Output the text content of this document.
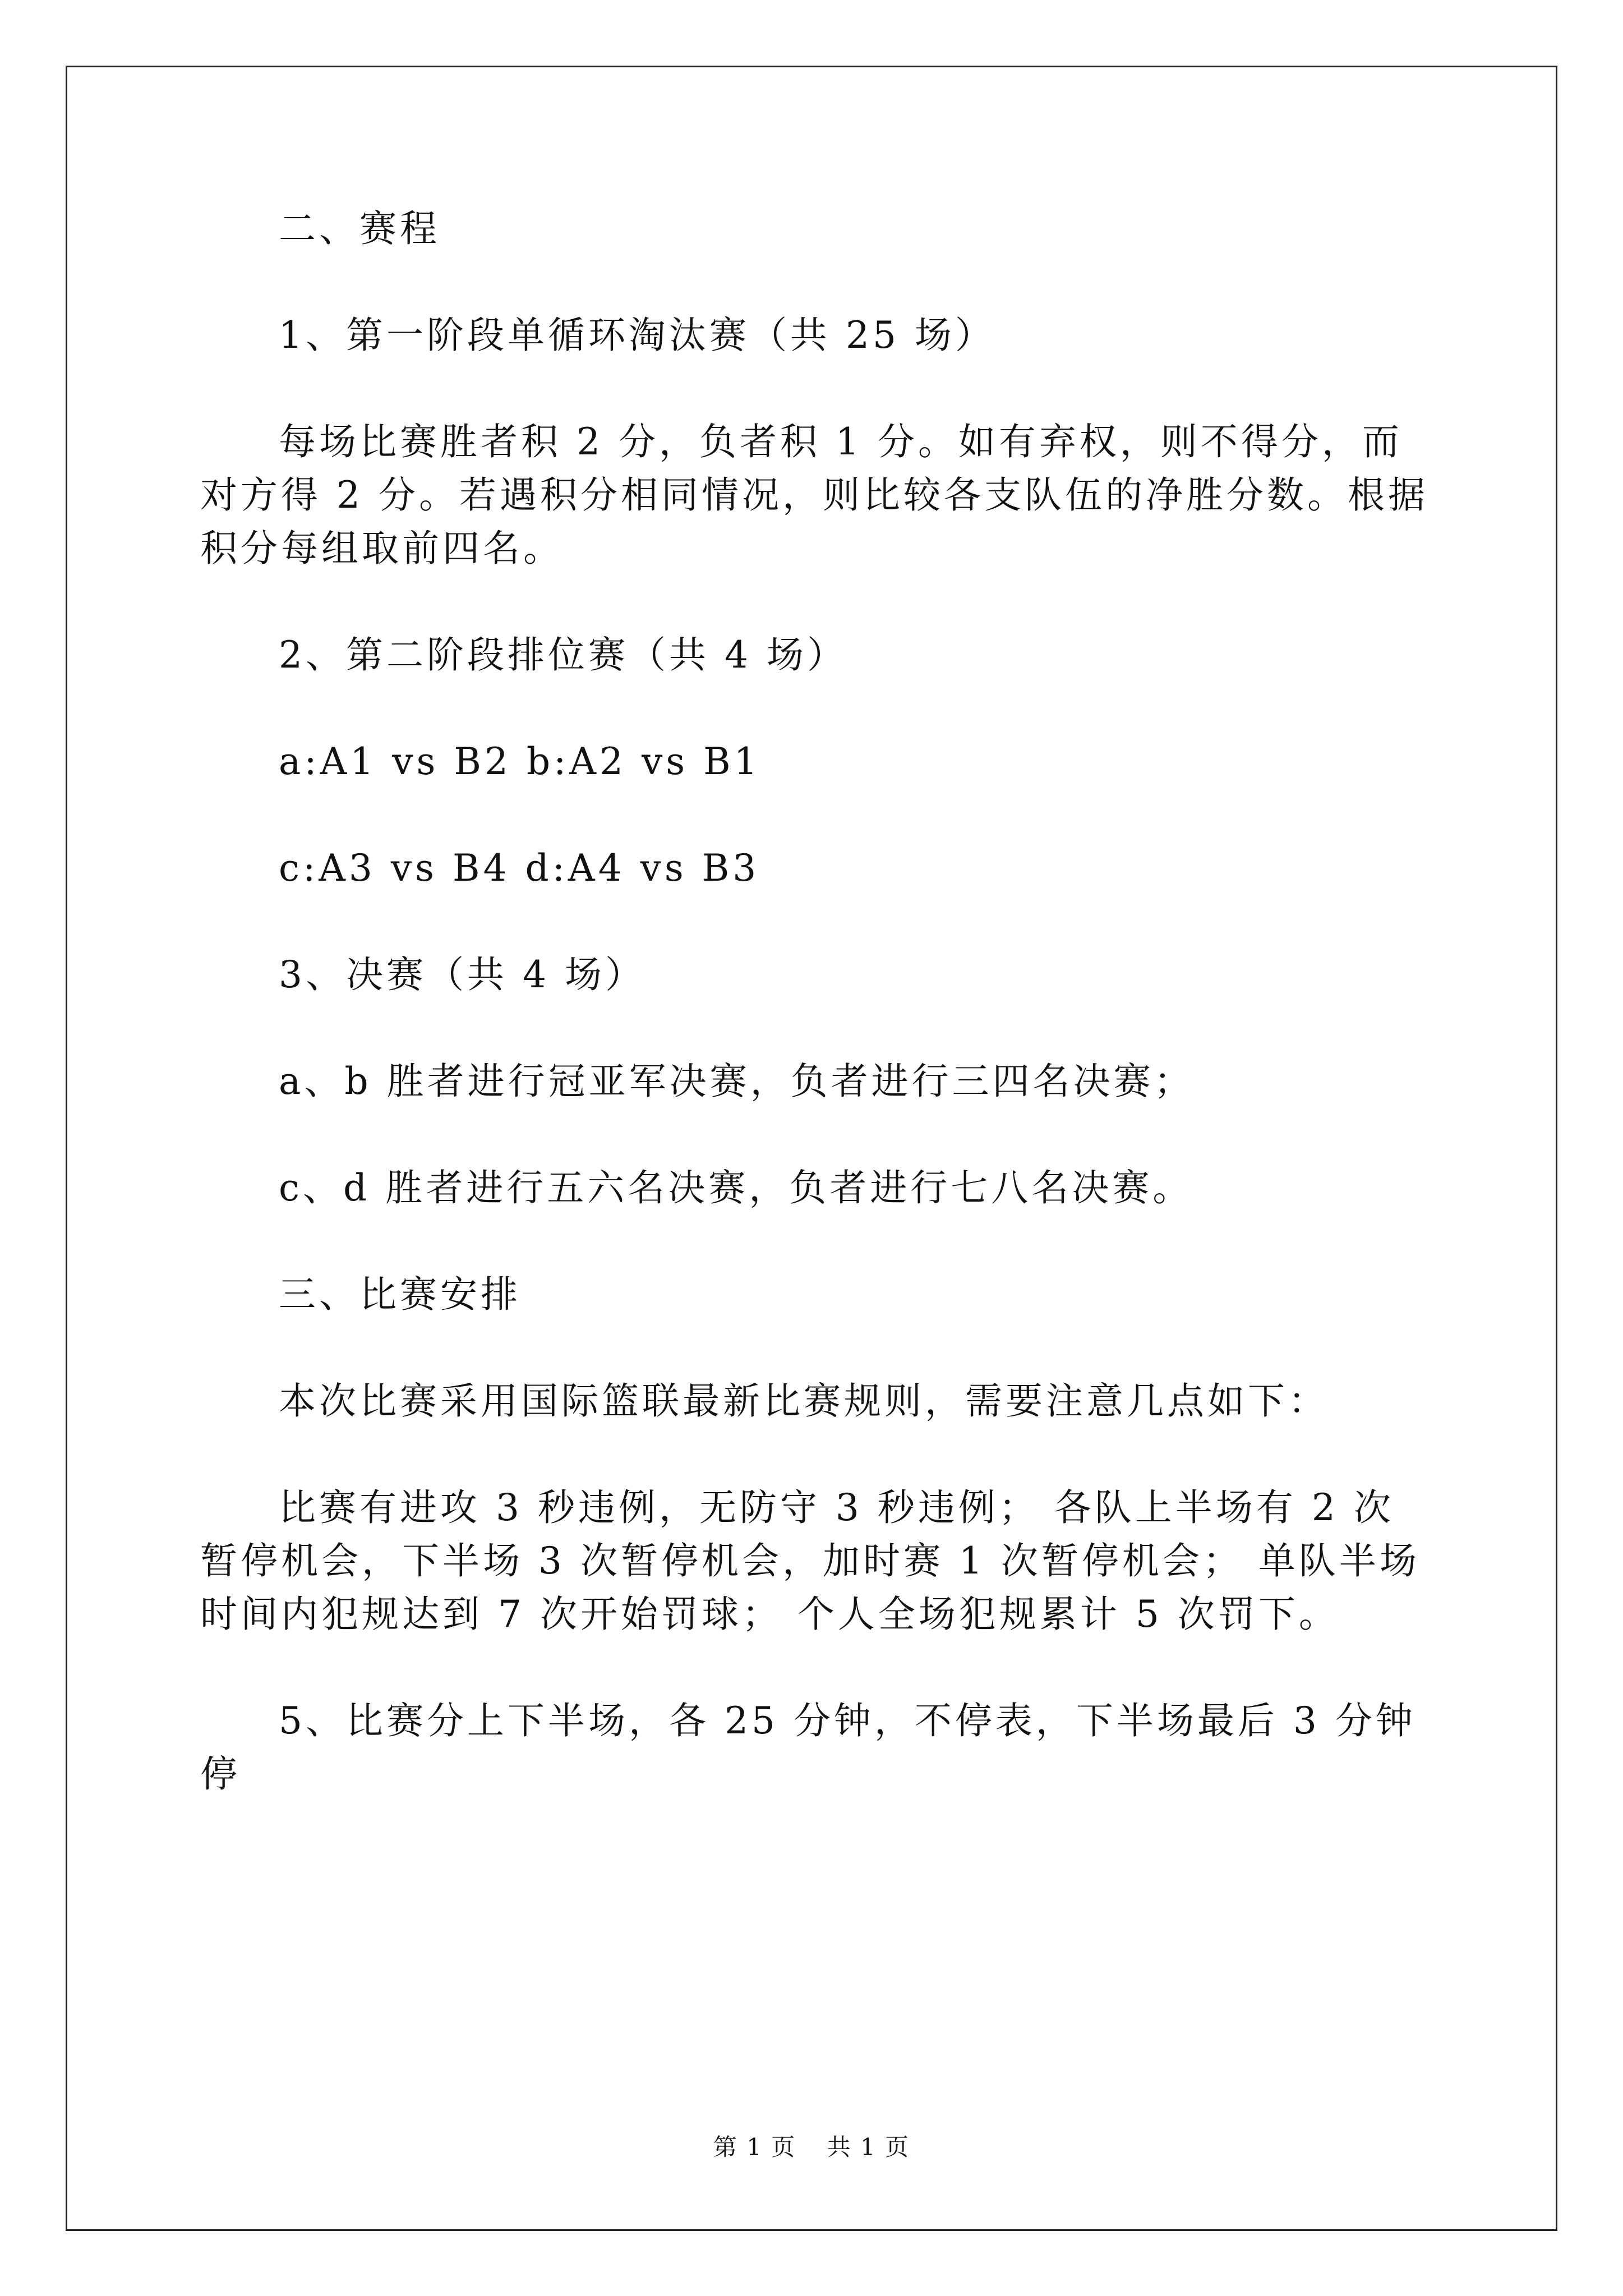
二、赛程

1、第一阶段单循环淘汰赛（共 25 场）

每场比赛胜者积 2 分，负者积 1 分。如有弃权，则不得分，而对方得 2 分。若遇积分相同情况，则比较各支队伍的净胜分数。根据积分每组取前四名。

2、第二阶段排位赛（共 4 场）

a:A1 vs B2 b:A2 vs B1

c:A3 vs B4 d:A4 vs B3

3、决赛（共 4 场）

a、b 胜者进行冠亚军决赛，负者进行三四名决赛；

c、d 胜者进行五六名决赛，负者进行七八名决赛。

三、比赛安排

本次比赛采用国际篮联最新比赛规则，需要注意几点如下：

比赛有进攻 3 秒违例，无防守 3 秒违例； 各队上半场有 2 次暂停机会，下半场 3 次暂停机会，加时赛 1 次暂停机会； 单队半场时间内犯规达到 7 次开始罚球； 个人全场犯规累计 5 次罚下。

5、比赛分上下半场，各 25 分钟，不停表，下半场最后 3 分钟停

第 1 页 共 1 页
